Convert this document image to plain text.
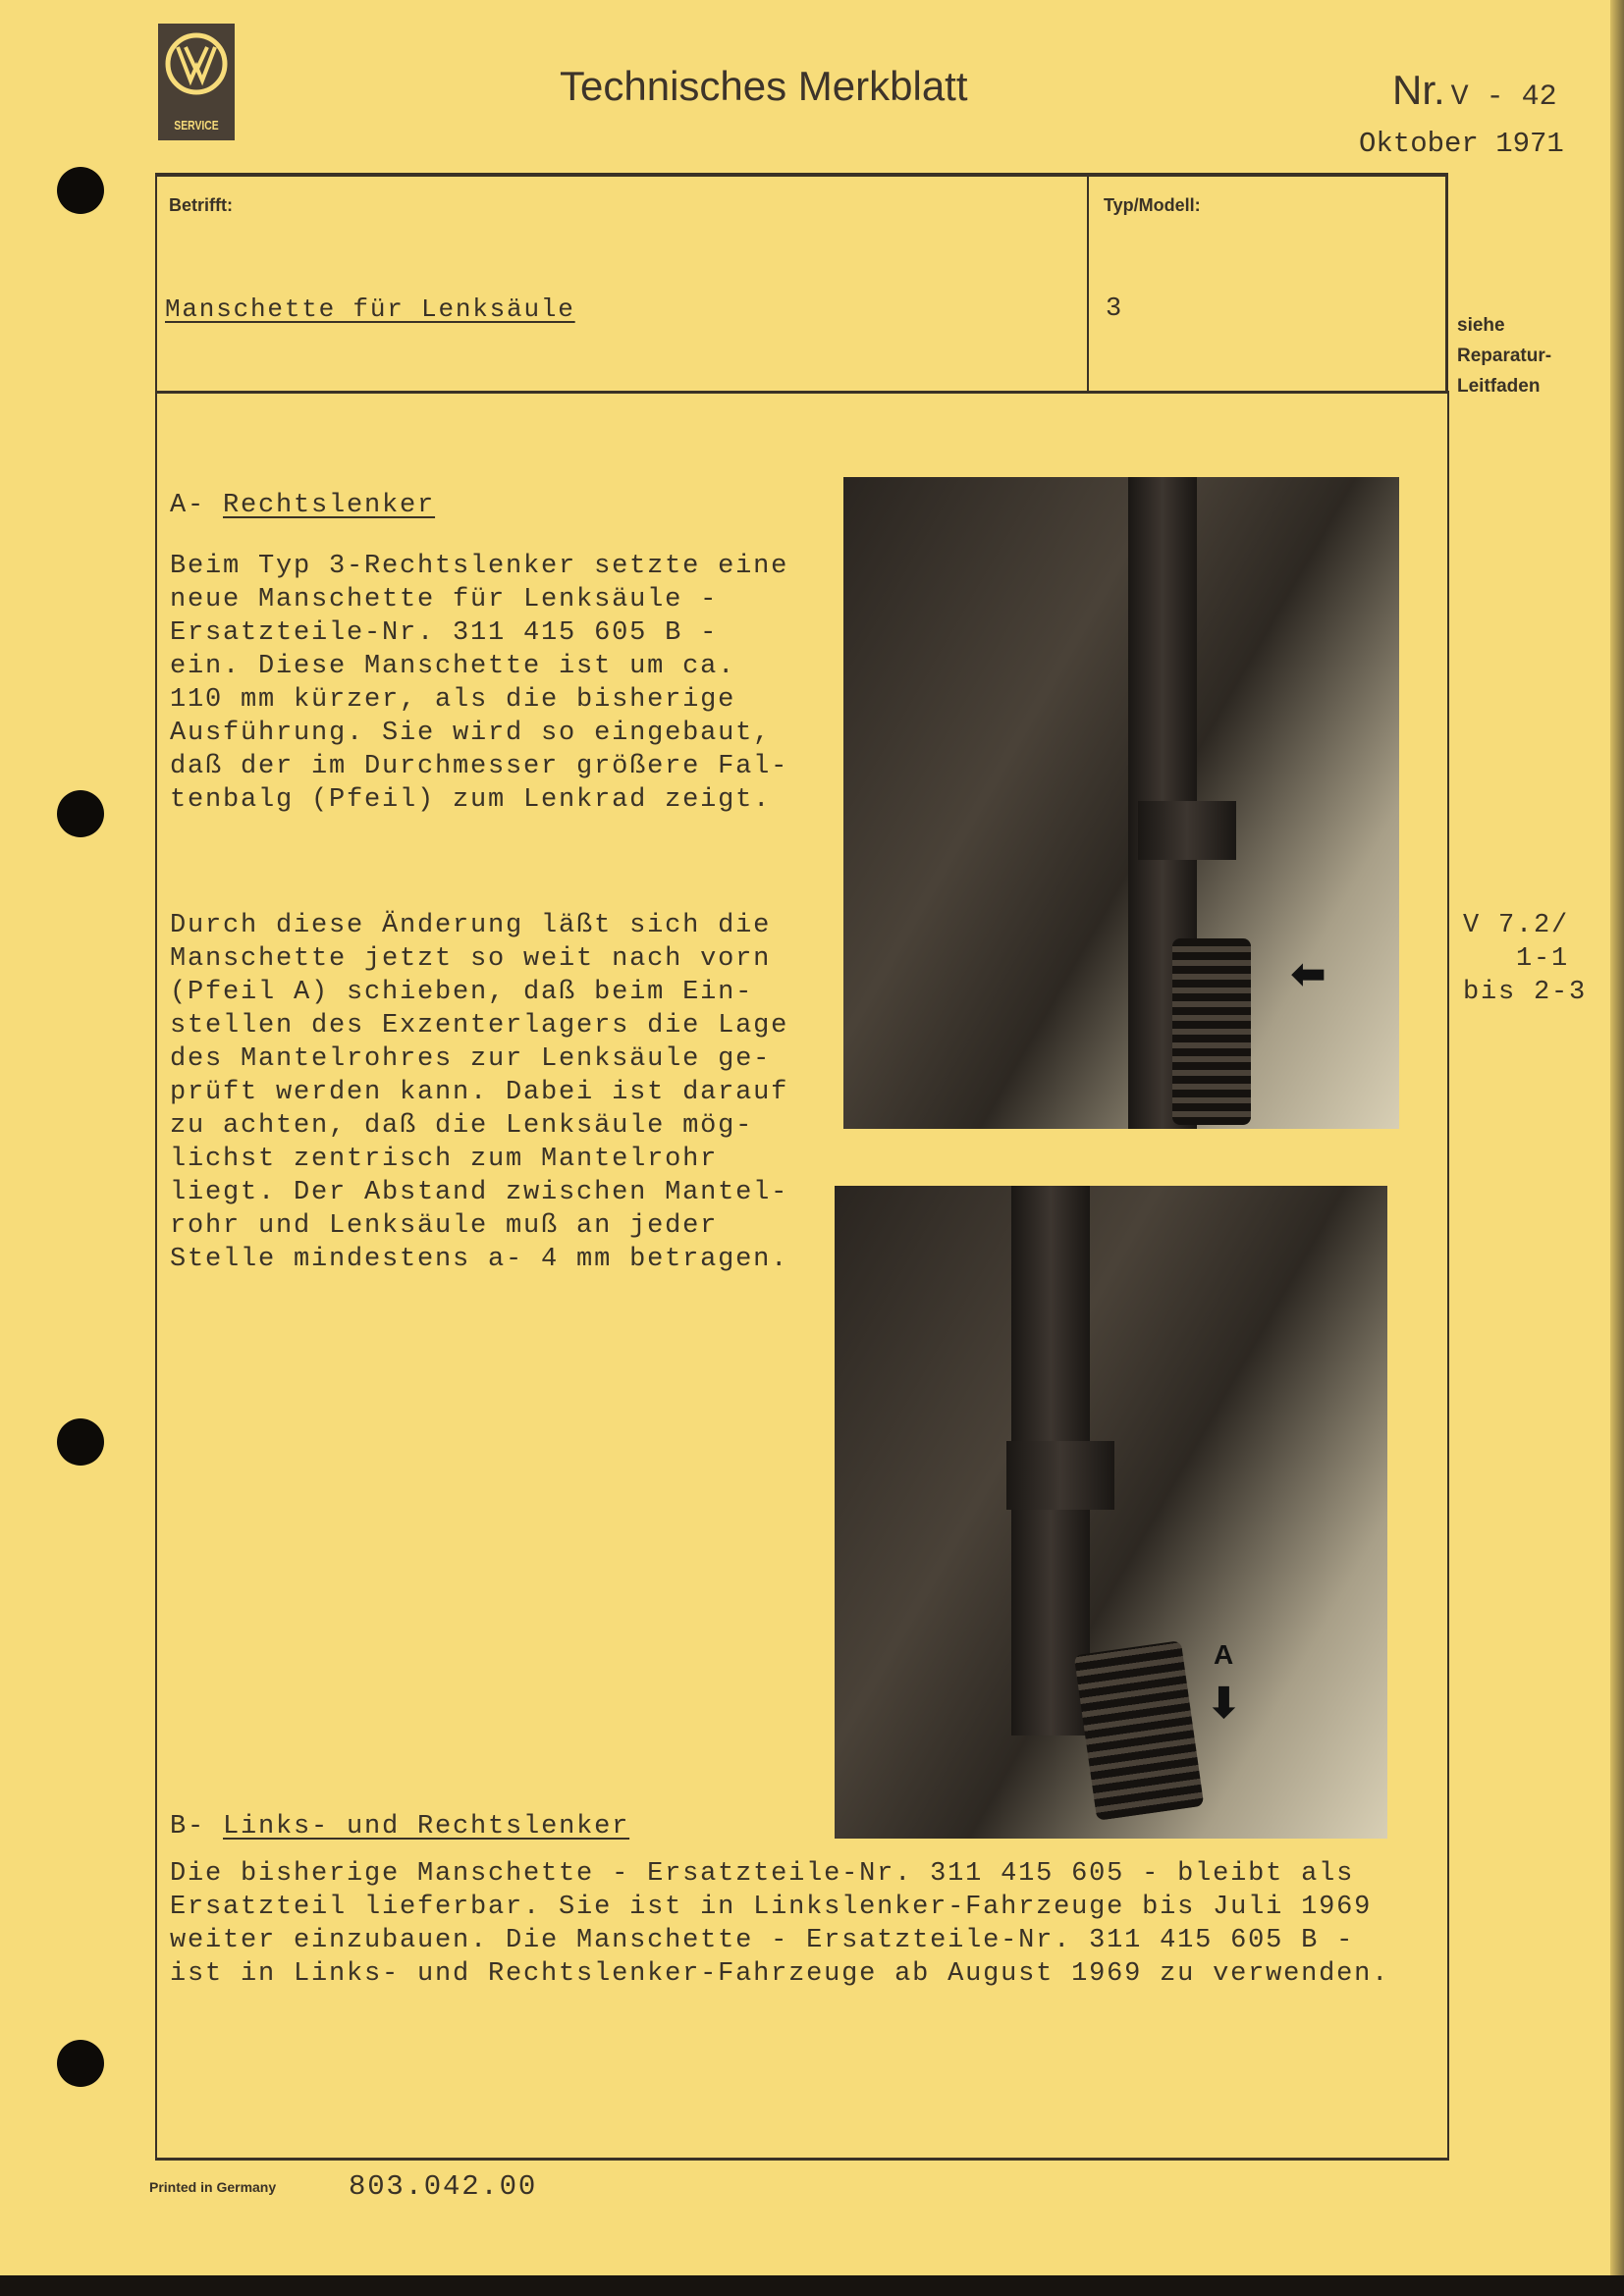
SERVICE
Technisches Merkblatt	Nr. V - 42
Oktober 1971
Betrifft:
Manschette für Lenksäule
Typ/Modell:
3
siehe
Reparatur-
Leitfaden
A- Rechtslenker
Beim Typ 3-Rechtslenker setzte eine
neue Manschette für Lenksäule -
Ersatzteile-Nr. 311 415 605 B -
ein. Diese Manschette ist um ca.
110 mm kürzer, als die bisherige
Ausführung. Sie wird so eingebaut,
daß der im Durchmesser größere Fal-
tenbalg (Pfeil) zum Lenkrad zeigt.
Durch diese Änderung läßt sich die
Manschette jetzt so weit nach vorn
(Pfeil A) schieben, daß beim Ein-
stellen des Exzenterlagers die Lage
des Mantelrohres zur Lenksäule ge-
prüft werden kann. Dabei ist darauf
zu achten, daß die Lenksäule mög-
lichst zentrisch zum Mantelrohr
liegt. Der Abstand zwischen Mantel-
rohr und Lenksäule muß an jeder
Stelle mindestens a- 4 mm betragen.
V 7.2/
1-1
bis 2-3
⬅
A
⬇
B- Links- und Rechtslenker
Die bisherige Manschette - Ersatzteile-Nr. 311 415 605 - bleibt als
Ersatzteil lieferbar. Sie ist in Linkslenker-Fahrzeuge bis Juli 1969
weiter einzubauen. Die Manschette - Ersatzteile-Nr. 311 415 605 B -
ist in Links- und Rechtslenker-Fahrzeuge ab August 1969 zu verwenden.
Printed in Germany	803.042.00
